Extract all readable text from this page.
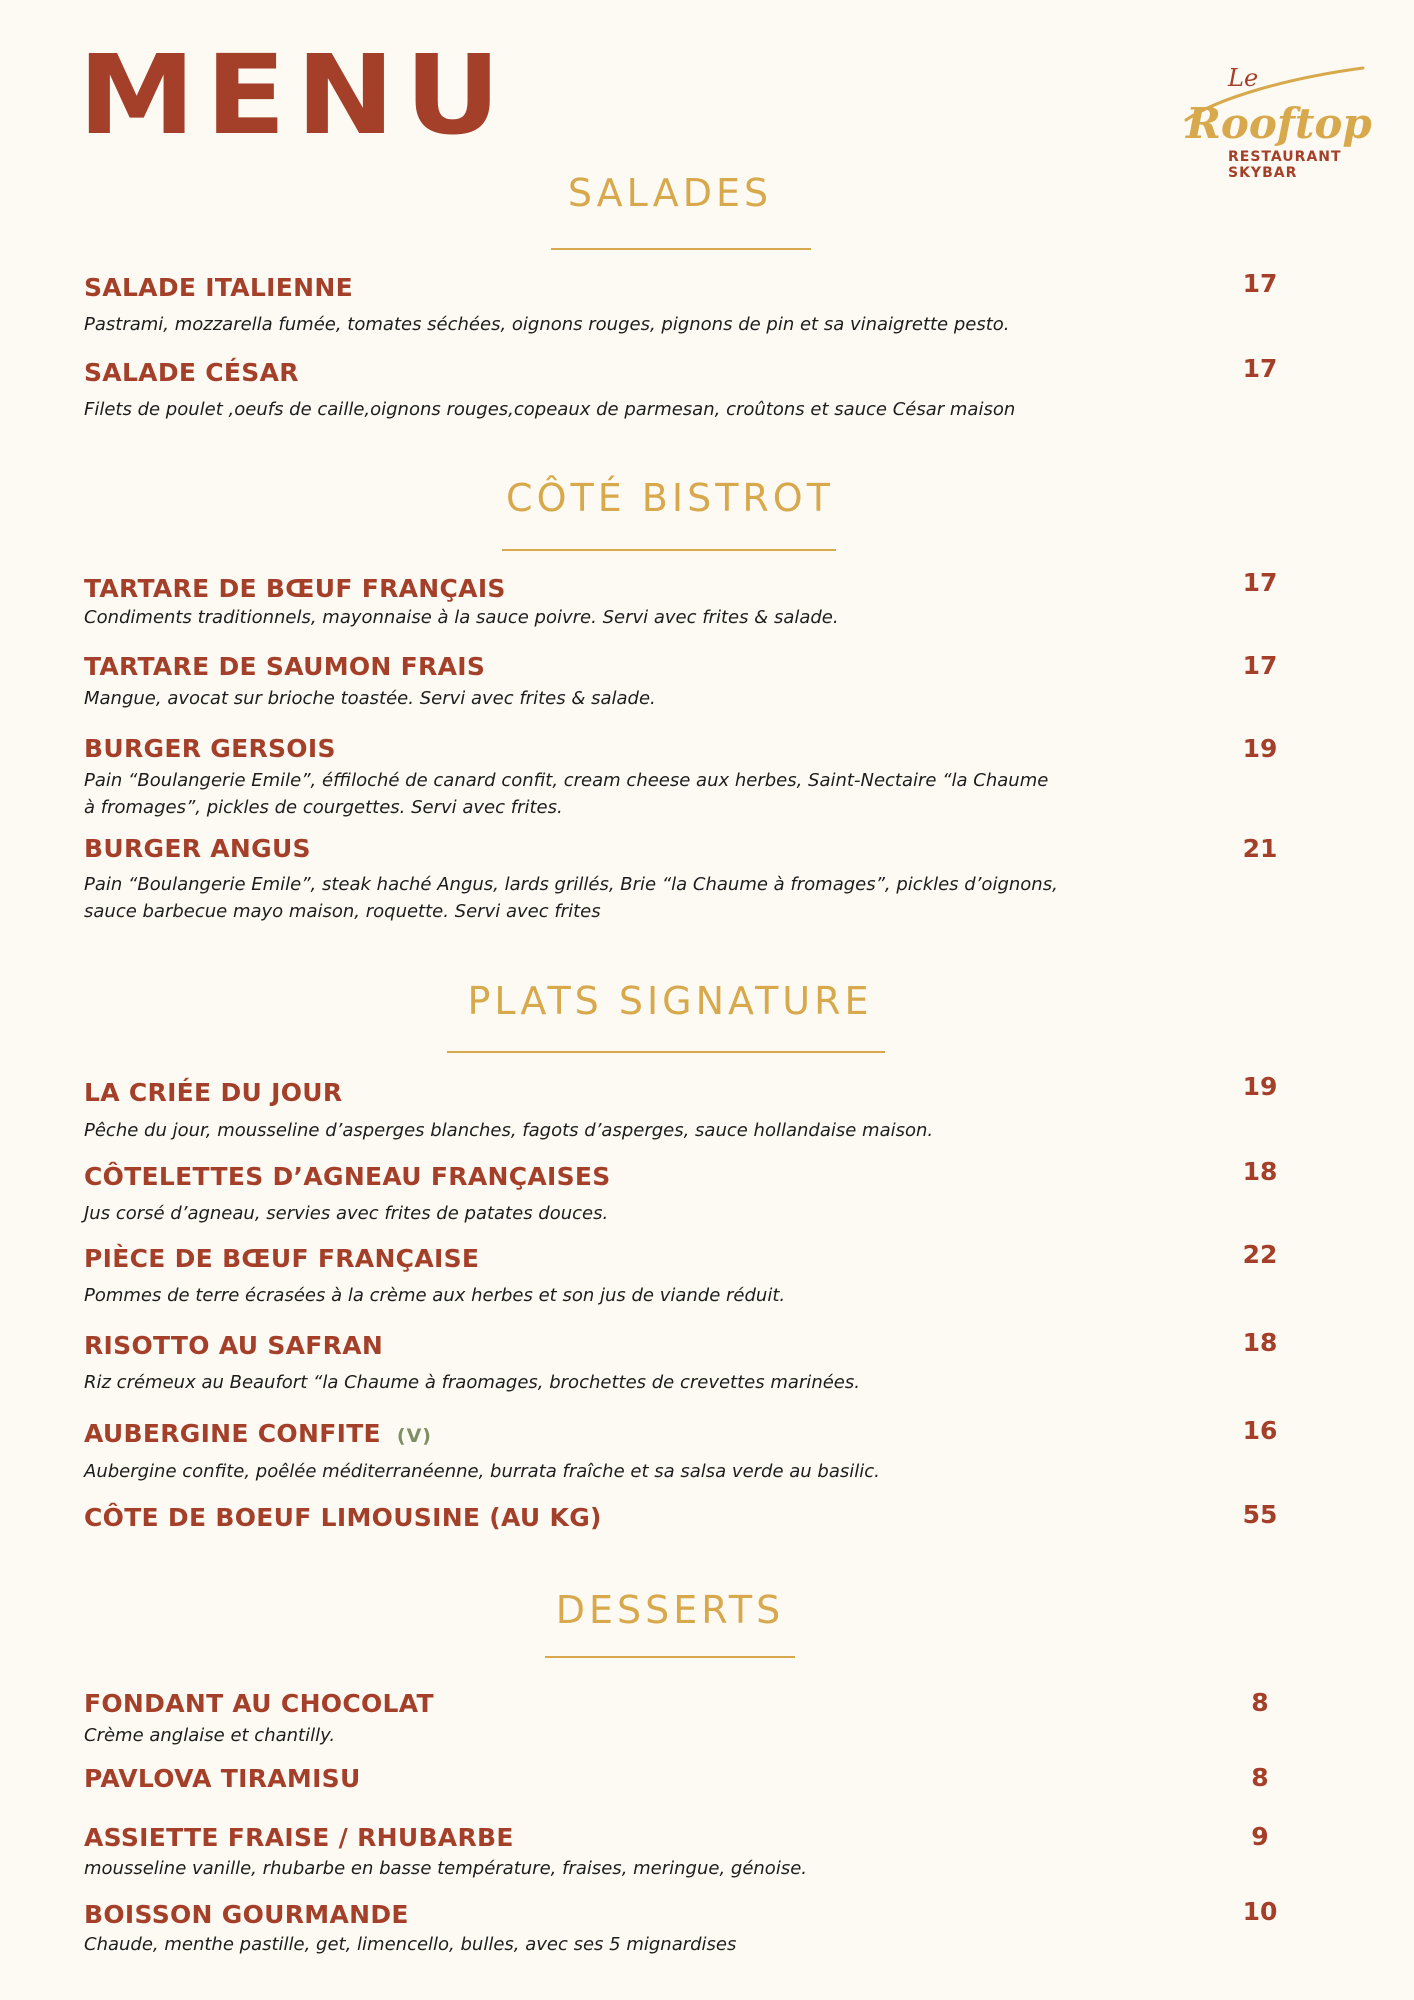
MENU	Le
Rooftop
RESTAURANT
SKYBAR
SALADES
SALADE ITALIENNE	17
Pastrami, mozzarella fumée, tomates séchées, oignons rouges, pignons de pin et sa vinaigrette pesto.
SALADE CÉSAR	17
Filets de poulet ,oeufs de caille,oignons rouges,copeaux de parmesan, croûtons et sauce César maison
CÔTÉ BISTROT
TARTARE DE BŒUF FRANÇAIS	17
Condiments traditionnels, mayonnaise à la sauce poivre. Servi avec frites & salade.
TARTARE DE SAUMON FRAIS	17
Mangue, avocat sur brioche toastée. Servi avec frites & salade.
BURGER GERSOIS	19
Pain “Boulangerie Emile”, éffiloché de canard confit, cream cheese aux herbes, Saint-Nectaire “la Chaume
à fromages”, pickles de courgettes. Servi avec frites.
BURGER ANGUS	21
Pain “Boulangerie Emile”, steak haché Angus, lards grillés, Brie “la Chaume à fromages”, pickles d’oignons,
sauce barbecue mayo maison, roquette. Servi avec frites
PLATS SIGNATURE
LA CRIÉE DU JOUR	19
Pêche du jour, mousseline d’asperges blanches, fagots d’asperges, sauce hollandaise maison.
CÔTELETTES D’AGNEAU FRANÇAISES	18
Jus corsé d’agneau, servies avec frites de patates douces.
PIÈCE DE BŒUF FRANÇAISE	22
Pommes de terre écrasées à la crème aux herbes et son jus de viande réduit.
RISOTTO AU SAFRAN	18
Riz crémeux au Beaufort “la Chaume à fraomages, brochettes de crevettes marinées.
AUBERGINE CONFITE (V)	16
Aubergine confite, poêlée méditerranéenne, burrata fraîche et sa salsa verde au basilic.
CÔTE DE BOEUF LIMOUSINE (AU KG)	55
DESSERTS
FONDANT AU CHOCOLAT	8
Crème anglaise et chantilly.
PAVLOVA TIRAMISU	8
ASSIETTE FRAISE / RHUBARBE	9
mousseline vanille, rhubarbe en basse température, fraises, meringue, génoise.
BOISSON GOURMANDE	10
Chaude, menthe pastille, get, limencello, bulles, avec ses 5 mignardises
